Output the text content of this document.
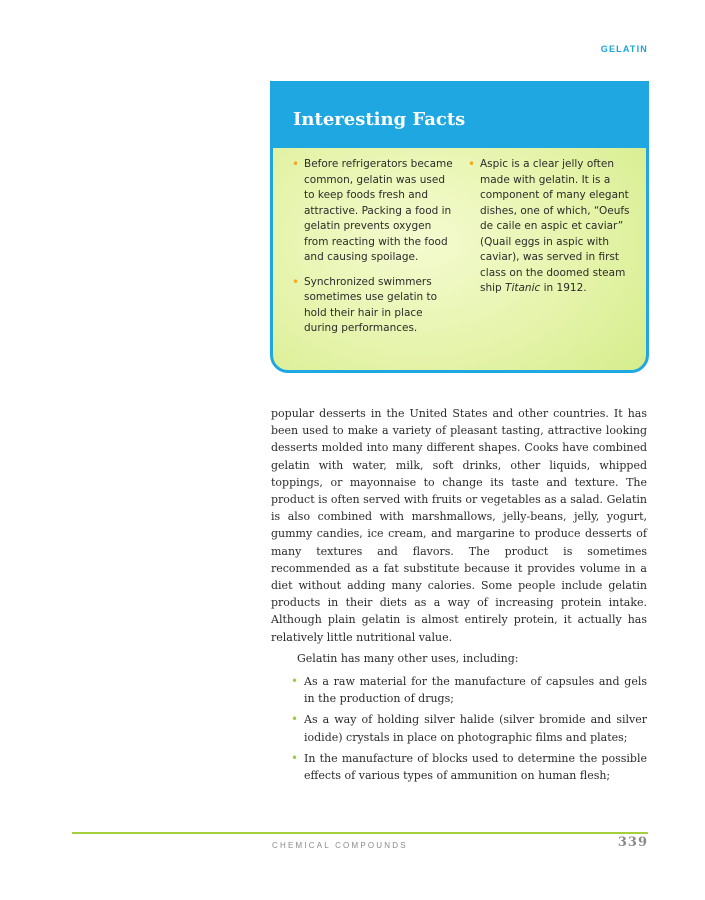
GELATIN
Interesting Facts
• Before refrigerators became common, gelatin was used to keep foods fresh and attractive. Packing a food in gelatin prevents oxygen from reacting with the food and causing spoilage.
• Synchronized swimmers sometimes use gelatin to hold their hair in place during performances.
• Aspic is a clear jelly often made with gelatin. It is a component of many elegant dishes, one of which, “Oeufs de caile en aspic et caviar” (Quail eggs in aspic with caviar), was served in first class on the doomed steam ship Titanic in 1912.

popular desserts in the United States and other countries. It has been used to make a variety of pleasant tasting, attractive looking desserts molded into many different shapes. Cooks have combined gelatin with water, milk, soft drinks, other liquids, whipped toppings, or mayonnaise to change its taste and texture. The product is often served with fruits or vegetables as a salad. Gelatin is also combined with marshmallows, jelly-beans, jelly, yogurt, gummy candies, ice cream, and margarine to produce desserts of many textures and flavors. The product is sometimes recommended as a fat substitute because it provides volume in a diet without adding many calories. Some people include gelatin products in their diets as a way of increasing protein intake. Although plain gelatin is almost entirely protein, it actually has relatively little nutritional value.

Gelatin has many other uses, including:

• As a raw material for the manufacture of capsules and gels in the production of drugs;
• As a way of holding silver halide (silver bromide and silver iodide) crystals in place on photographic films and plates;
• In the manufacture of blocks used to determine the possible effects of various types of ammunition on human flesh;
CHEMICAL COMPOUNDS	339
